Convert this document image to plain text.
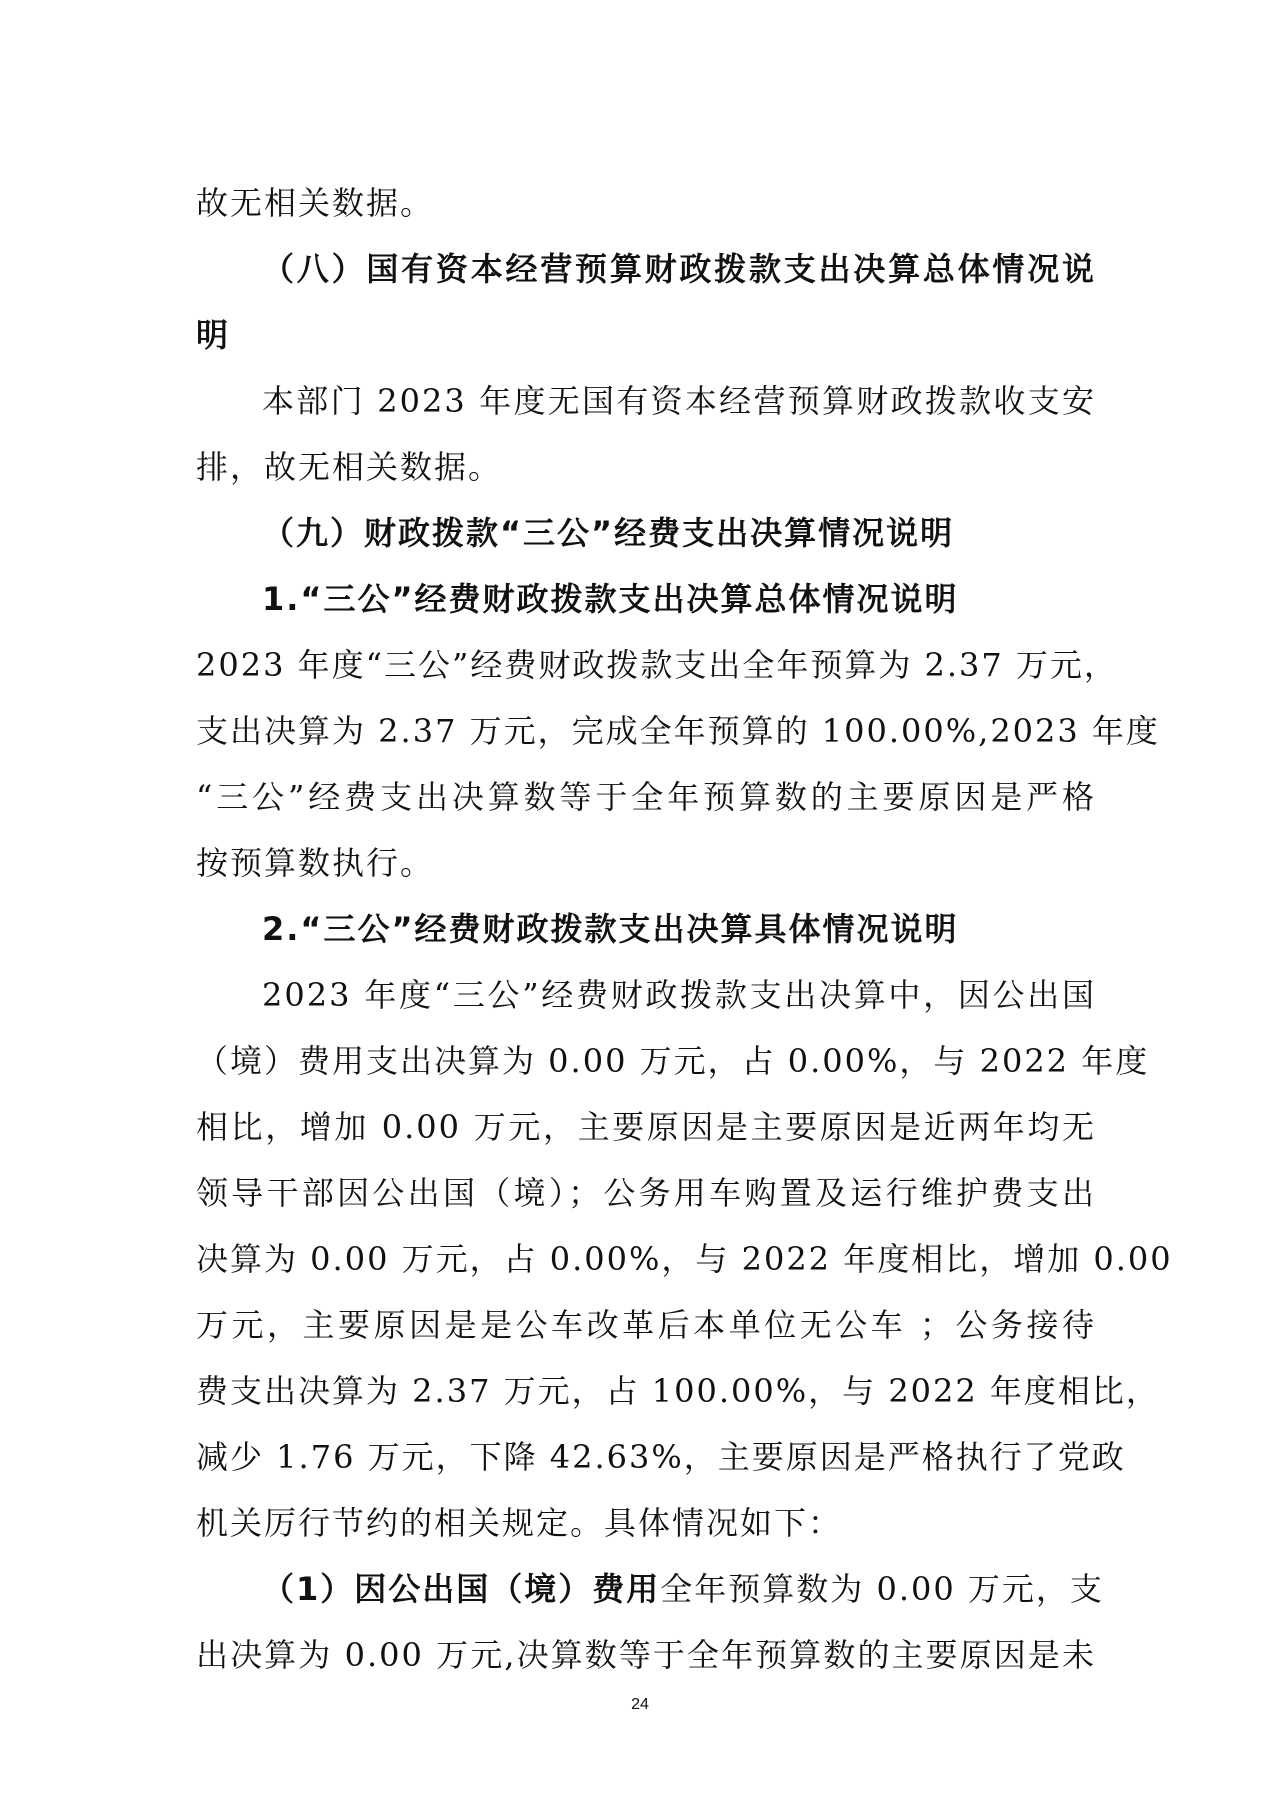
故无相关数据。
（八）国有资本经营预算财政拨款支出决算总体情况说
明
本部门 2023 年度无国有资本经营预算财政拨款收支安
排，故无相关数据。
（九）财政拨款“三公”经费支出决算情况说明
1.“三公”经费财政拨款支出决算总体情况说明
2023 年度“三公”经费财政拨款支出全年预算为 2.37 万元，
支出决算为 2.37 万元，完成全年预算的 100.00%,2023 年度
“三公”经费支出决算数等于全年预算数的主要原因是严格
按预算数执行。
2.“三公”经费财政拨款支出决算具体情况说明
2023 年度“三公”经费财政拨款支出决算中，因公出国
（境）费用支出决算为 0.00 万元，占 0.00%，与 2022 年度
相比，增加 0.00 万元，主要原因是主要原因是近两年均无
领导干部因公出国（境）；公务用车购置及运行维护费支出
决算为 0.00 万元，占 0.00%，与 2022 年度相比，增加 0.00
万元，主要原因是是公车改革后本单位无公车 ；公务接待
费支出决算为 2.37 万元，占 100.00%，与 2022 年度相比，
减少 1.76 万元，下降 42.63%，主要原因是严格执行了党政
机关厉行节约的相关规定。具体情况如下：
（1）因公出国（境）费用全年预算数为 0.00 万元，支
出决算为 0.00 万元,决算数等于全年预算数的主要原因是未
24
